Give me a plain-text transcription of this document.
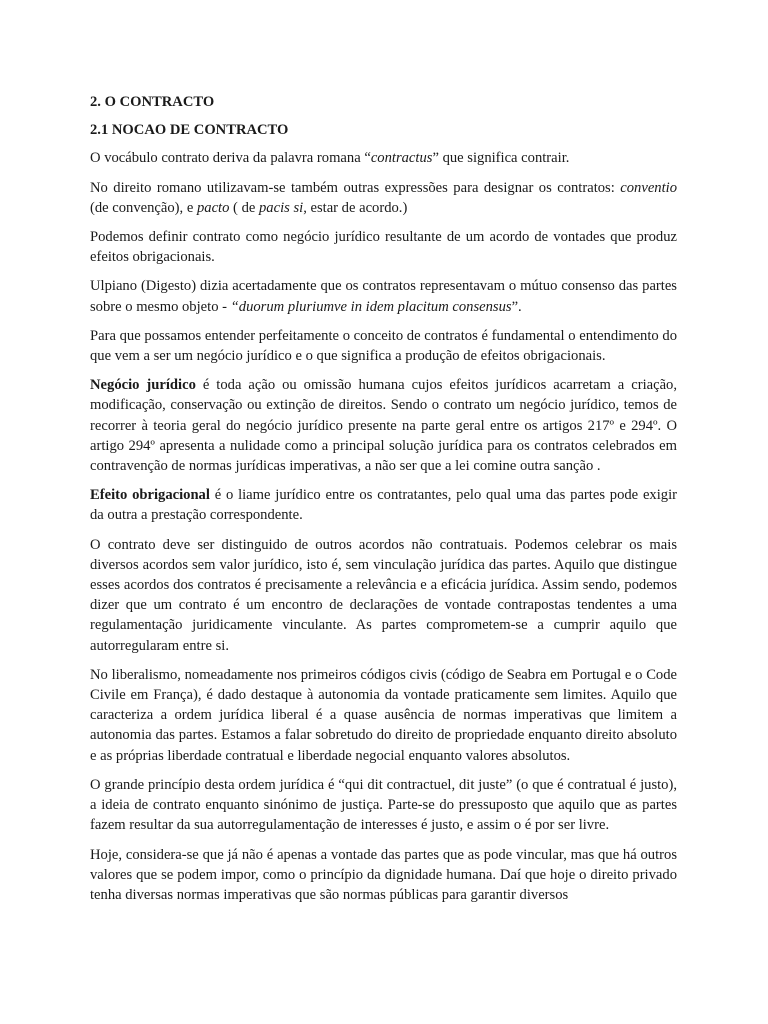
2. O CONTRACTO
2.1 NOCAO DE CONTRACTO

O vocábulo contrato deriva da palavra romana “contractus” que significa contrair.

No direito romano utilizavam-se também outras expressões para designar os contratos: conventio (de convenção), e pacto ( de pacis si, estar de acordo.)

Podemos definir contrato como negócio jurídico resultante de um acordo de vontades que produz efeitos obrigacionais.

Ulpiano (Digesto) dizia acertadamente que os contratos representavam o mútuo consenso das partes sobre o mesmo objeto - “duorum pluriumve in idem placitum consensus”.

Para que possamos entender perfeitamente o conceito de contratos é fundamental o entendimento do que vem a ser um negócio jurídico e o que significa a produção de efeitos obrigacionais.

Negócio jurídico é toda ação ou omissão humana cujos efeitos jurídicos acarretam a criação, modificação, conservação ou extinção de direitos. Sendo o contrato um negócio jurídico, temos de recorrer à teoria geral do negócio jurídico presente na parte geral entre os artigos 217º e 294º. O artigo 294º apresenta a nulidade como a principal solução jurídica para os contratos celebrados em contravenção de normas jurídicas imperativas, a não ser que a lei comine outra sanção .

Efeito obrigacional é o liame jurídico entre os contratantes, pelo qual uma das partes pode exigir da outra a prestação correspondente.

O contrato deve ser distinguido de outros acordos não contratuais. Podemos celebrar os mais diversos acordos sem valor jurídico, isto é, sem vinculação jurídica das partes. Aquilo que distingue esses acordos dos contratos é precisamente a relevância e a eficácia jurídica. Assim sendo, podemos dizer que um contrato é um encontro de declarações de vontade contrapostas tendentes a uma regulamentação juridicamente vinculante. As partes comprometem-se a cumprir aquilo que autorregularam entre si.

No liberalismo, nomeadamente nos primeiros códigos civis (código de Seabra em Portugal e o Code Civile em França), é dado destaque à autonomia da vontade praticamente sem limites. Aquilo que caracteriza a ordem jurídica liberal é a quase ausência de normas imperativas que limitem a autonomia das partes. Estamos a falar sobretudo do direito de propriedade enquanto direito absoluto e as próprias liberdade contratual e liberdade negocial enquanto valores absolutos.

O grande princípio desta ordem jurídica é “qui dit contractuel, dit juste” (o que é contratual é justo), a ideia de contrato enquanto sinónimo de justiça. Parte-se do pressuposto que aquilo que as partes fazem resultar da sua autorregulamentação de interesses é justo, e assim o é por ser livre.

Hoje, considera-se que já não é apenas a vontade das partes que as pode vincular, mas que há outros valores que se podem impor, como o princípio da dignidade humana. Daí que hoje o direito privado tenha diversas normas imperativas que são normas públicas para garantir diversos
